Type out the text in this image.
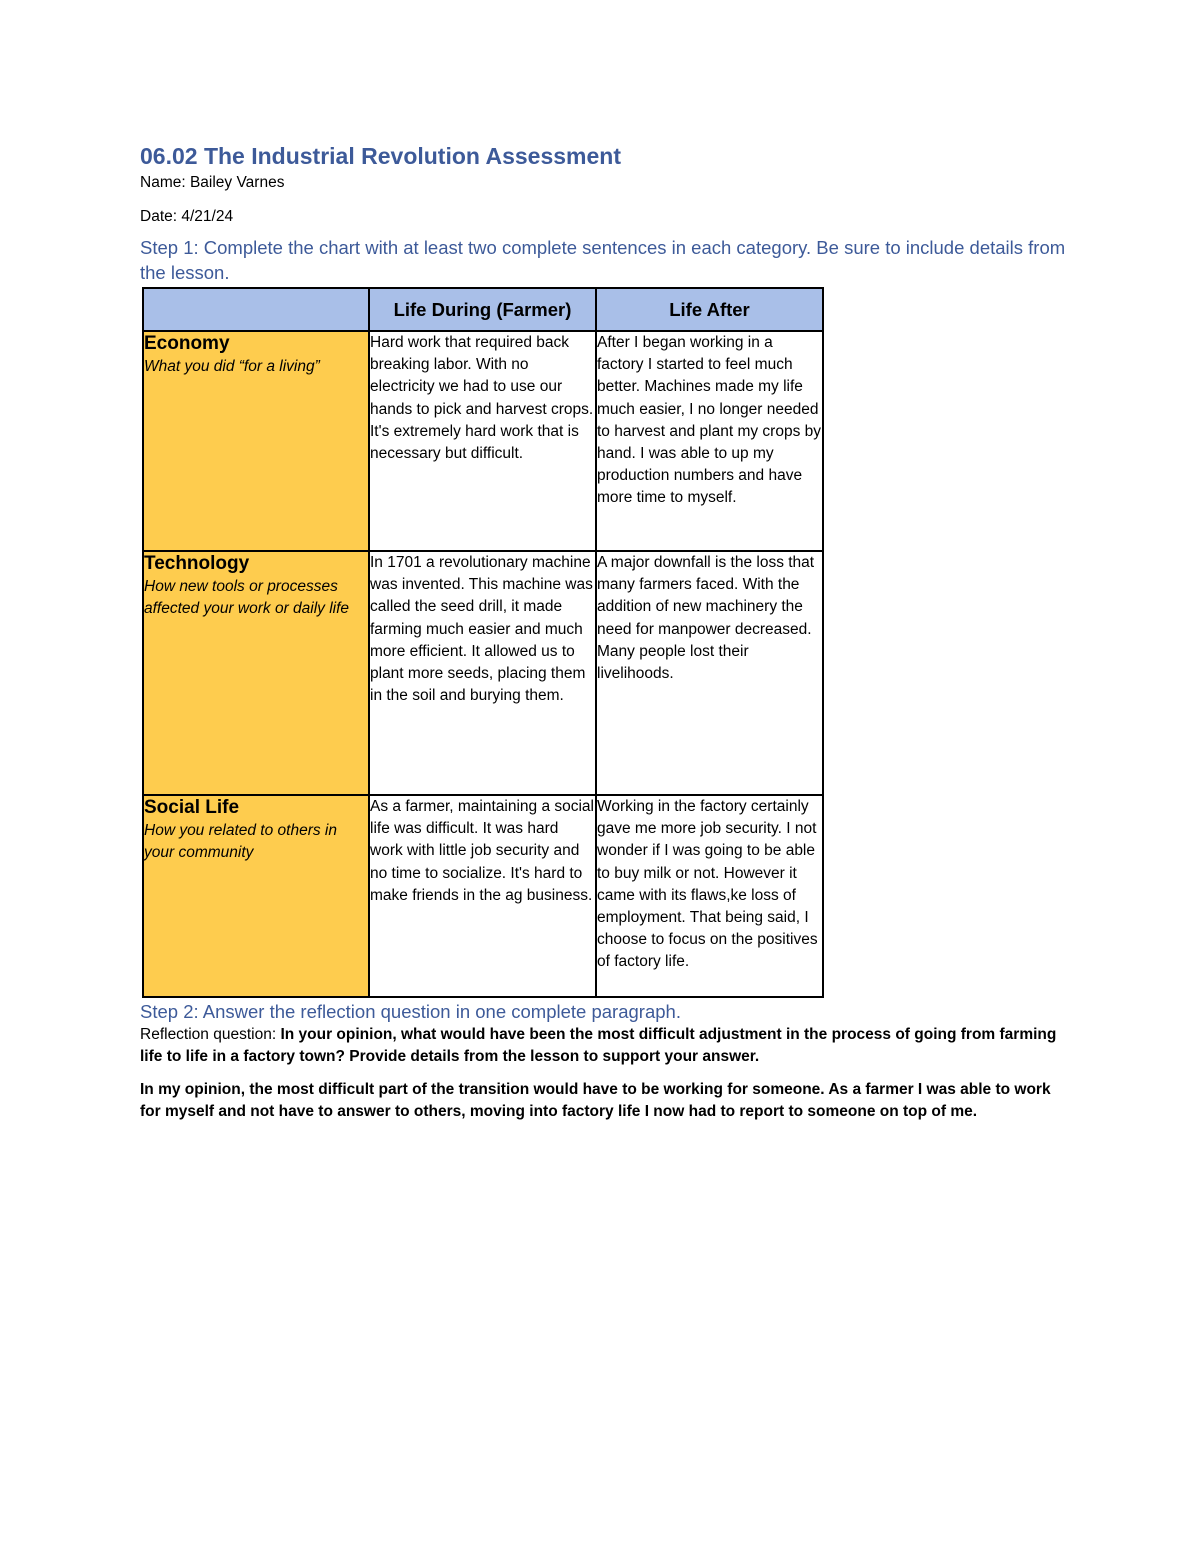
06.02 The Industrial Revolution Assessment

Name: Bailey Varnes

Date: 4/21/24

Step 1: Complete the chart with at least two complete sentences in each category. Be sure to include details from the lesson.

	Life During (Farmer)	Life After

Economy
What you did “for a living”	Hard work that required back breaking labor. With no electricity we had to use our hands to pick and harvest crops. It's extremely hard work that is necessary but difficult.	After I began working in a factory I started to feel much better. Machines made my life much easier, I no longer needed to harvest and plant my crops by hand. I was able to up my production numbers and have more time to myself.

Technology
How new tools or processes affected your work or daily life	In 1701 a revolutionary machine was invented. This machine was called the seed drill, it made farming much easier and much more efficient. It allowed us to plant more seeds, placing them in the soil and burying them.	A major downfall is the loss that many farmers faced. With the addition of new machinery the need for manpower decreased. Many people lost their livelihoods.

Social Life
How you related to others in your community	As a farmer, maintaining a social life was difficult. It was hard work with little job security and no time to socialize. It's hard to make friends in the ag business.	Working in the factory certainly gave me more job security. I not wonder if I was going to be able to buy milk or not. However it came with its flaws,ke loss of employment. That being said, I choose to focus on the positives of factory life.

Step 2: Answer the reflection question in one complete paragraph.

Reflection question: In your opinion, what would have been the most difficult adjustment in the process of going from farming life to life in a factory town? Provide details from the lesson to support your answer.

In my opinion, the most difficult part of the transition would have to be working for someone. As a farmer I was able to work for myself and not have to answer to others, moving into factory life I now had to report to someone on top of me.
